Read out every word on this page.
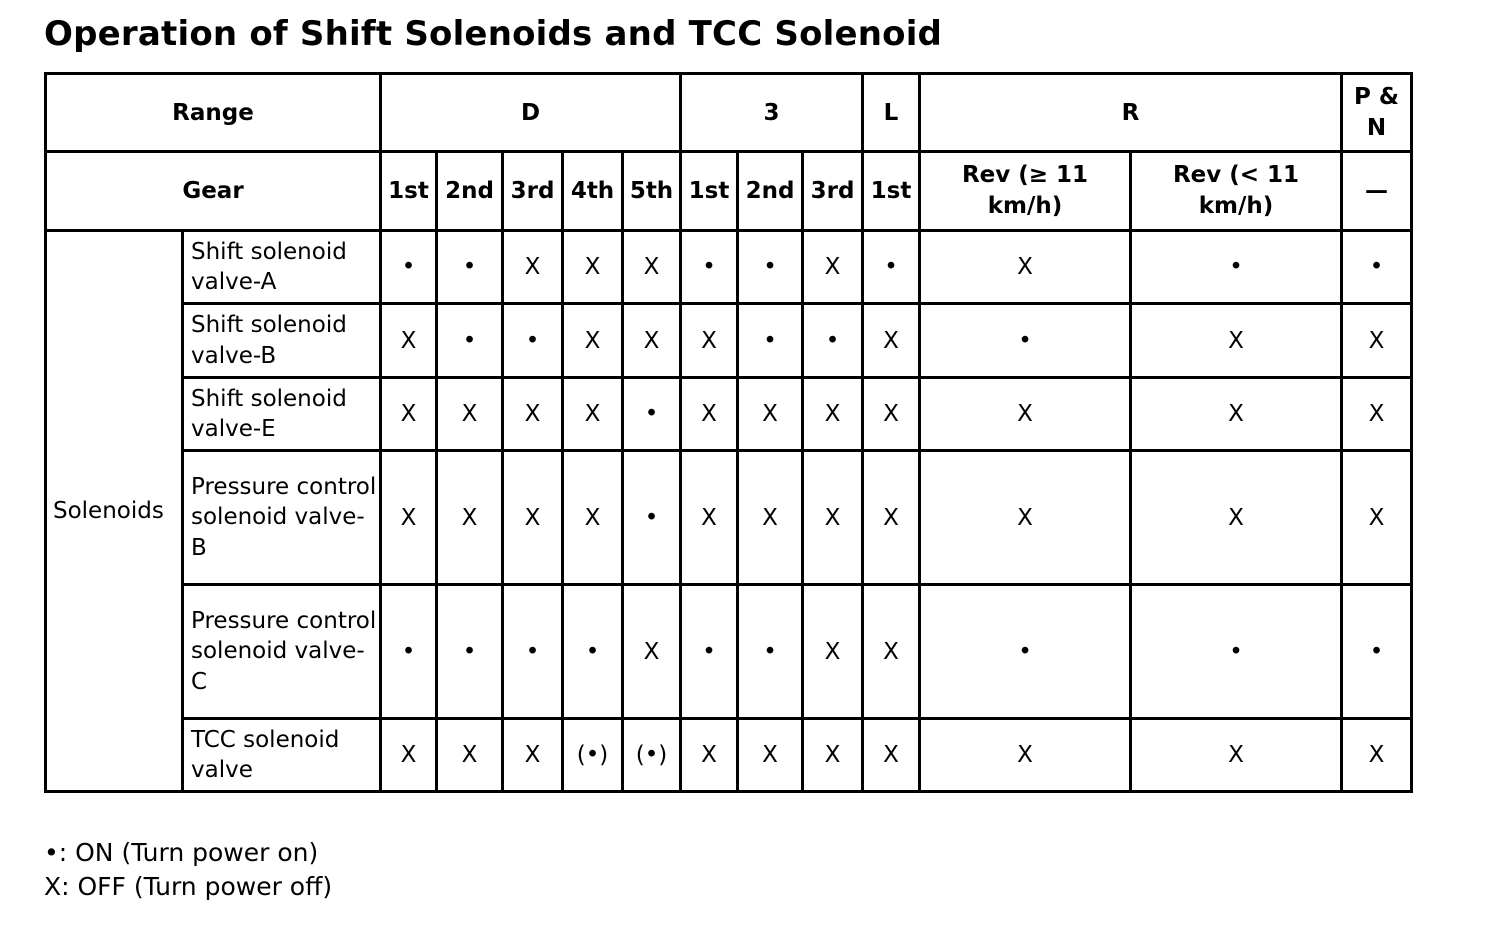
Operation of Shift Solenoids and TCC Solenoid
Range		D					3			L	R		P & N
Gear		1st	2nd	3rd	4th	5th	1st	2nd	3rd	1st	Rev (≥ 11 km/h)	Rev (< 11 km/h)	—
Solenoids	Shift solenoid valve-A	•	•	X	X	X	•	•	X	•	X	•	•
	Shift solenoid valve-B	X	•	•	X	X	X	•	•	X	•	X	X
	Shift solenoid valve-E	X	X	X	X	•	X	X	X	X	X	X	X
	Pressure control solenoid valve-B	X	X	X	X	•	X	X	X	X	X	X	X
	Pressure control solenoid valve-C	•	•	•	•	X	•	•	X	X	•	•	•
	TCC solenoid valve	X	X	X	(•)	(•)	X	X	X	X	X	X	X
•: ON (Turn power on)
X: OFF (Turn power off)
